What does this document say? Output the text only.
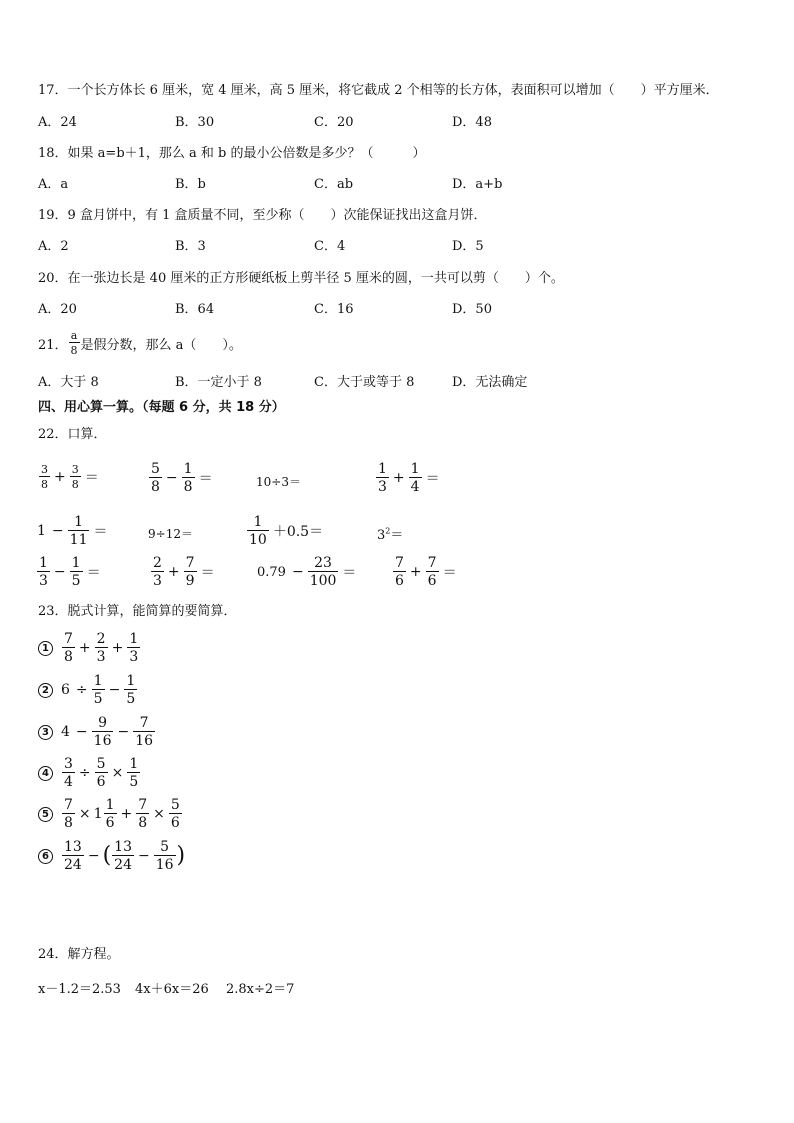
17．一个长方体长 6 厘米，宽 4 厘米，高 5 厘米，将它截成 2 个相等的长方体，表面积可以增加（　　）平方厘米．
A．24	B．30	C．20	D．48
18．如果 a=b＋1，那么 a 和 b 的最小公倍数是多少？（　　　）
A．a	B．b	C．ab	D．a+b
19．9 盒月饼中，有 1 盒质量不同，至少称（　　）次能保证找出这盒月饼．
A．2	B．3	C．4	D．5
20．在一张边长是 40 厘米的正方形硬纸板上剪半径 5 厘米的圆，一共可以剪（　　）个。
A．20	B．64	C．16	D．50
21． $\frac{a}{8}$ 是假分数，那么 a（　　）。
A．大于 8	B．一定小于 8	C．大于或等于 8	D．无法确定
四、用心算一算。（每题 6 分，共 18 分）
22．口算．
$\frac{3}{8} + \frac{3}{8}$ ＝	$\frac{5}{8} - \frac{1}{8}$ ＝	10÷3＝	$\frac{1}{3} + \frac{1}{4}$ ＝
$1 - \frac{1}{11}$ ＝	9÷12＝	$\frac{1}{10} +0.5=$	$3^2=$
$\frac{1}{3} - \frac{1}{5}$ ＝	$\frac{2}{3} + \frac{7}{9}$ ＝	$0.79 - \frac{23}{100}$ ＝	$\frac{7}{6} + \frac{7}{6}$ ＝
23．脱式计算，能简算的要简算．
$1 \frac{7}{8} + \frac{2}{3} + \frac{1}{3}$
2 $6 \div \frac{1}{5} - \frac{1}{5}$
3 $4 - \frac{9}{16} - \frac{7}{16}$
$4 \frac{3}{4} \div \frac{5}{6} \times \frac{1}{5}$
$5 \frac{7}{8} \times 1 \frac{1}{6} + \frac{7}{8} \times \frac{5}{6}$
$6 \frac{13}{24}$ − ( $\frac{13}{24} - \frac{5}{16}$ )
24．解方程。
x－1.2＝2.53 4x＋6x＝26 2.8x÷2＝7
